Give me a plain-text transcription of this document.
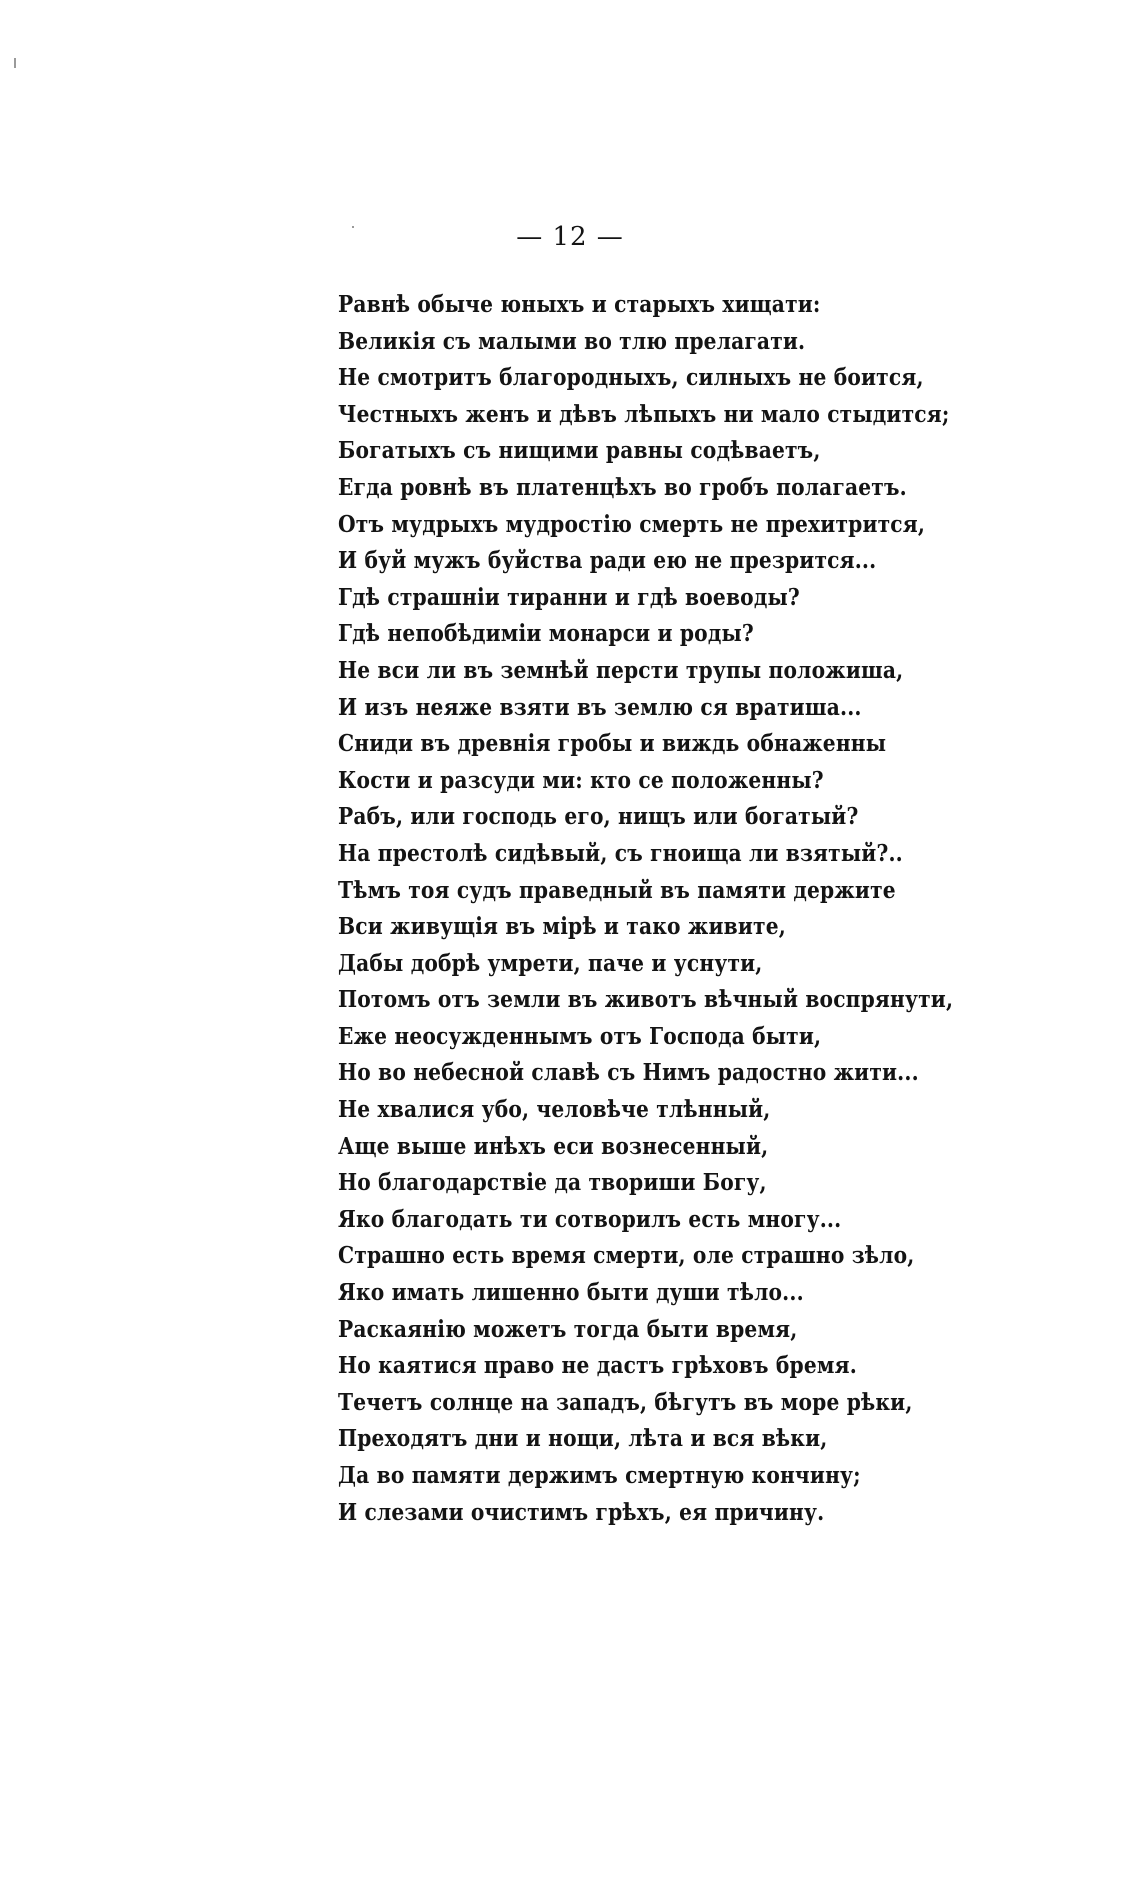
— 12 —
Равнѣ обыче юныхъ и старыхъ хищати:
Великія съ малыми во тлю прелагати.
Не смотритъ благородныхъ, силныхъ не боится,
Честныхъ женъ и дѣвъ лѣпыхъ ни мало стыдится;
Богатыхъ съ нищими равны содѣваетъ,
Егда ровнѣ въ платенцѣхъ во гробъ полагаетъ.
Отъ мудрыхъ мудростію смерть не прехитрится,
И буй мужъ буйства ради ею не презрится...
Гдѣ страшніи тиранни и гдѣ воеводы?
Гдѣ непобѣдиміи монарси и роды?
Не вси ли въ земнѣй персти трупы положиша,
И изъ неяже взяти въ землю ся вратиша...
Сниди въ древнія гробы и виждь обнаженны
Кости и разсуди ми: кто се положенны?
Рабъ, или господь его, нищъ или богатый?
На престолѣ сидѣвый, съ гноища ли взятый?..
Тѣмъ тоя судъ праведный въ памяти держите
Вси живущія въ мірѣ и тако живите,
Дабы добрѣ умрети, паче и уснути,
Потомъ отъ земли въ животъ вѣчный воспрянути,
Еже неосужденнымъ отъ Господа быти,
Но во небесной славѣ съ Нимъ радостно жити...
Не хвалися убо, человѣче тлѣнный,
Аще выше инѣхъ еси вознесенный,
Но благодарствіе да твориши Богу,
Яко благодать ти сотворилъ есть многу...
Страшно есть время смерти, оле страшно зѣло,
Яко имать лишенно быти души тѣло...
Раскаянію можетъ тогда быти время,
Но каятися право не дастъ грѣховъ бремя.
Течетъ солнце на западъ, бѣгутъ въ море рѣки,
Преходятъ дни и нощи, лѣта и вся вѣки,
Да во памяти держимъ смертную кончину;
И слезами очистимъ грѣхъ, ея причину.
